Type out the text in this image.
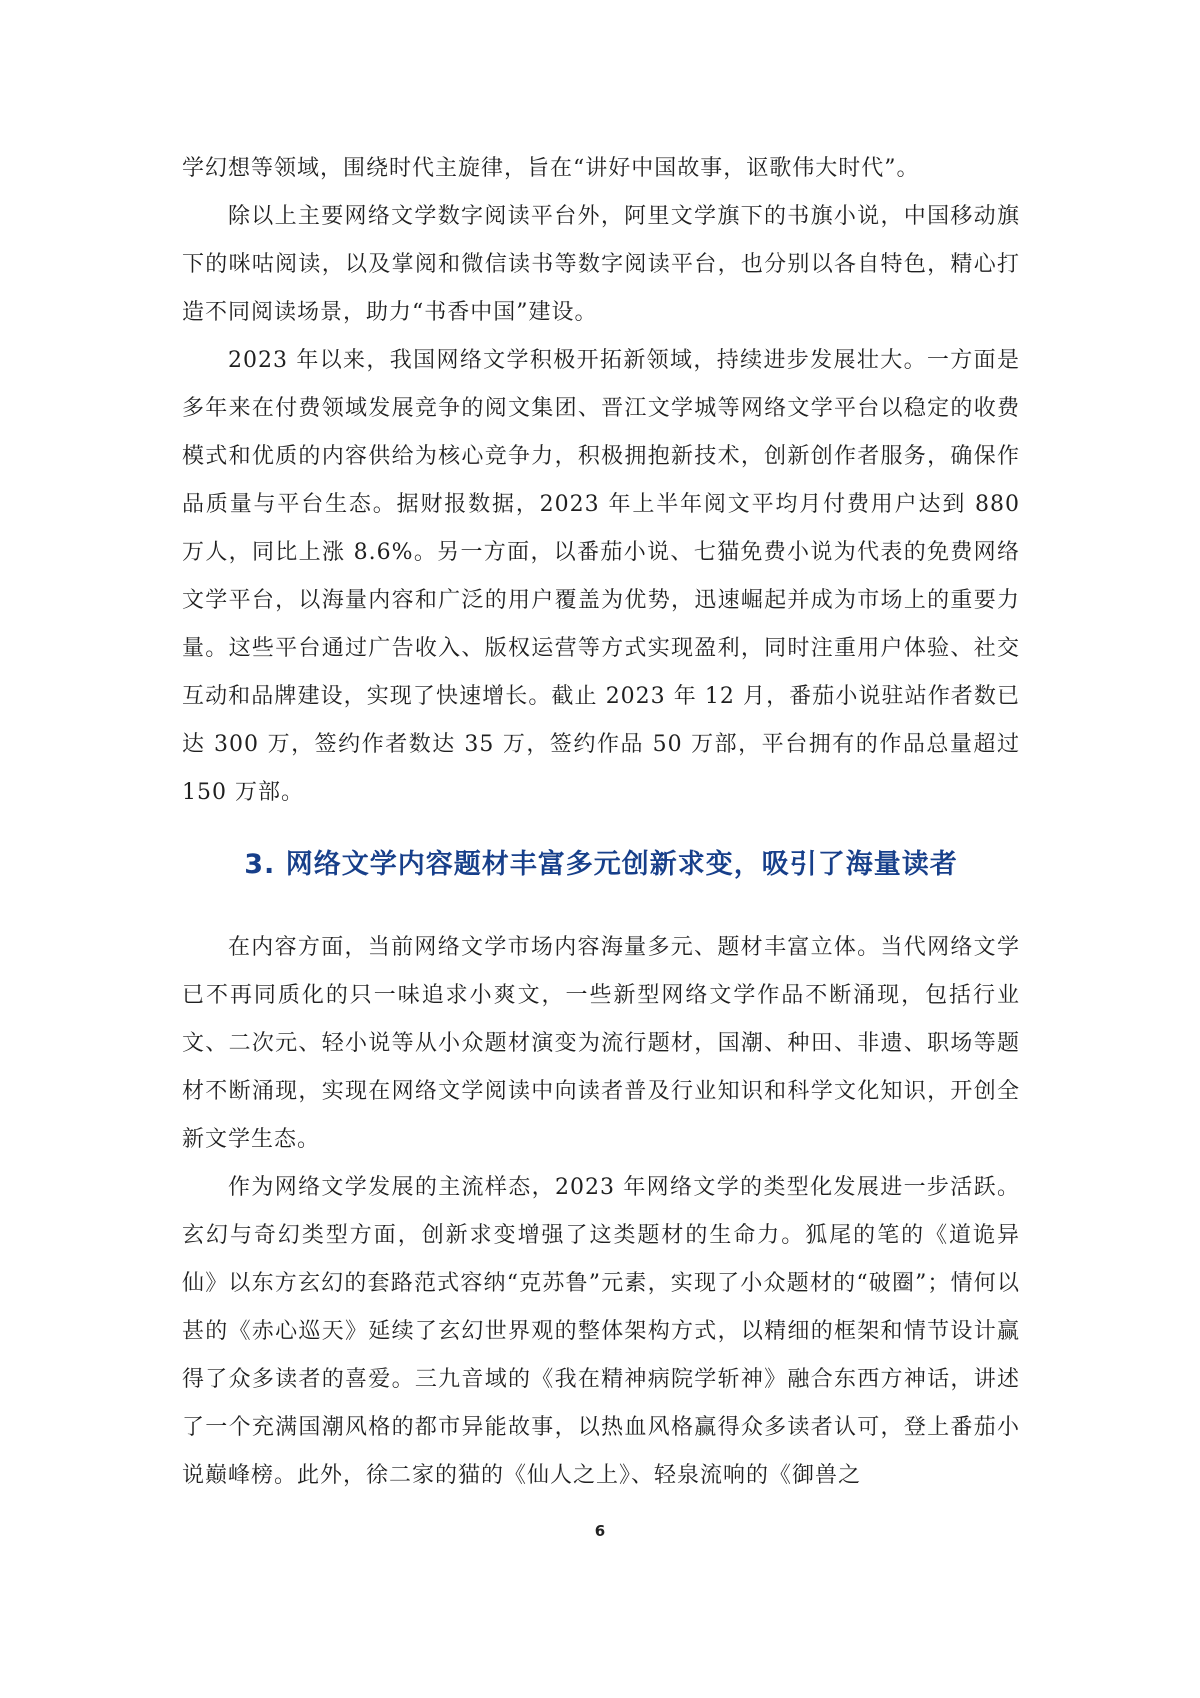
学幻想等领域，围绕时代主旋律，旨在“讲好中国故事，讴歌伟大时代”。

除以上主要网络文学数字阅读平台外，阿里文学旗下的书旗小说，中国移动旗下的咪咕阅读，以及掌阅和微信读书等数字阅读平台，也分别以各自特色，精心打造不同阅读场景，助力“书香中国”建设。

2023 年以来，我国网络文学积极开拓新领域，持续进步发展壮大。一方面是多年来在付费领域发展竞争的阅文集团、晋江文学城等网络文学平台以稳定的收费模式和优质的内容供给为核心竞争力，积极拥抱新技术，创新创作者服务，确保作品质量与平台生态。据财报数据，2023 年上半年阅文平均月付费用户达到 880 万人，同比上涨 8.6%。另一方面，以番茄小说、七猫免费小说为代表的免费网络文学平台，以海量内容和广泛的用户覆盖为优势，迅速崛起并成为市场上的重要力量。这些平台通过广告收入、版权运营等方式实现盈利，同时注重用户体验、社交互动和品牌建设，实现了快速增长。截止 2023 年 12 月，番茄小说驻站作者数已达 300 万，签约作者数达 35 万，签约作品 50 万部，平台拥有的作品总量超过 150 万部。

3. 网络文学内容题材丰富多元创新求变，吸引了海量读者

在内容方面，当前网络文学市场内容海量多元、题材丰富立体。当代网络文学已不再同质化的只一味追求小爽文，一些新型网络文学作品不断涌现，包括行业文、二次元、轻小说等从小众题材演变为流行题材，国潮、种田、非遗、职场等题材不断涌现，实现在网络文学阅读中向读者普及行业知识和科学文化知识，开创全新文学生态。

作为网络文学发展的主流样态，2023 年网络文学的类型化发展进一步活跃。玄幻与奇幻类型方面，创新求变增强了这类题材的生命力。狐尾的笔的《道诡异仙》以东方玄幻的套路范式容纳“克苏鲁”元素，实现了小众题材的“破圈”；情何以甚的《赤心巡天》延续了玄幻世界观的整体架构方式，以精细的框架和情节设计赢得了众多读者的喜爱。三九音域的《我在精神病院学斩神》融合东西方神话，讲述了一个充满国潮风格的都市异能故事，以热血风格赢得众多读者认可，登上番茄小说巅峰榜。此外，徐二家的猫的《仙人之上》、轻泉流响的《御兽之

6
